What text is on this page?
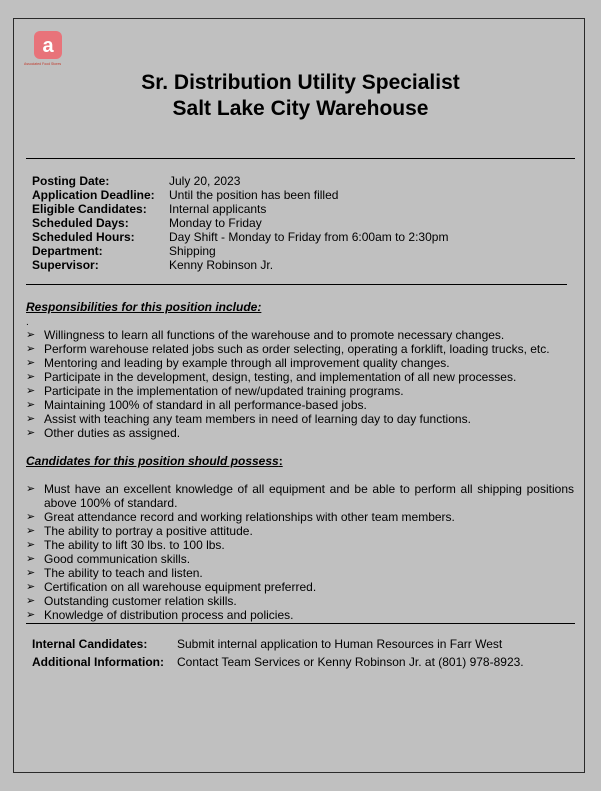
a
Associated Food Stores
Sr. Distribution Utility Specialist
Salt Lake City Warehouse
Posting Date:	July 20, 2023
Application Deadline: Until the position has been filled
Eligible Candidates: Internal applicants
Scheduled Days:	Monday to Friday
Scheduled Hours:	Day Shift - Monday to Friday from 6:00am to 2:30pm
Department:	Shipping
Supervisor:	Kenny Robinson Jr.
Responsibilities for this position include:
.
➢ Willingness to learn all functions of the warehouse and to promote necessary changes.
➢ Perform warehouse related jobs such as order selecting, operating a forklift, loading trucks, etc.
➢ Mentoring and leading by example through all improvement quality changes.
➢ Participate in the development, design, testing, and implementation of all new processes.
➢ Participate in the implementation of new/updated training programs.
➢ Maintaining 100% of standard in all performance-based jobs.
➢ Assist with teaching any team members in need of learning day to day functions.
➢ Other duties as assigned.
Candidates for this position should possess:
➢ Must have an excellent knowledge of all equipment and be able to perform all shipping positions above 100% of standard.
➢ Great attendance record and working relationships with other team members.
➢ The ability to portray a positive attitude.
➢ The ability to lift 30 lbs. to 100 lbs.
➢ Good communication skills.
➢ The ability to teach and listen.
➢ Certification on all warehouse equipment preferred.
➢ Outstanding customer relation skills.
➢ Knowledge of distribution process and policies.
Internal Candidates: Submit internal application to Human Resources in Farr West
Additional Information: Contact Team Services or Kenny Robinson Jr. at (801) 978-8923.
